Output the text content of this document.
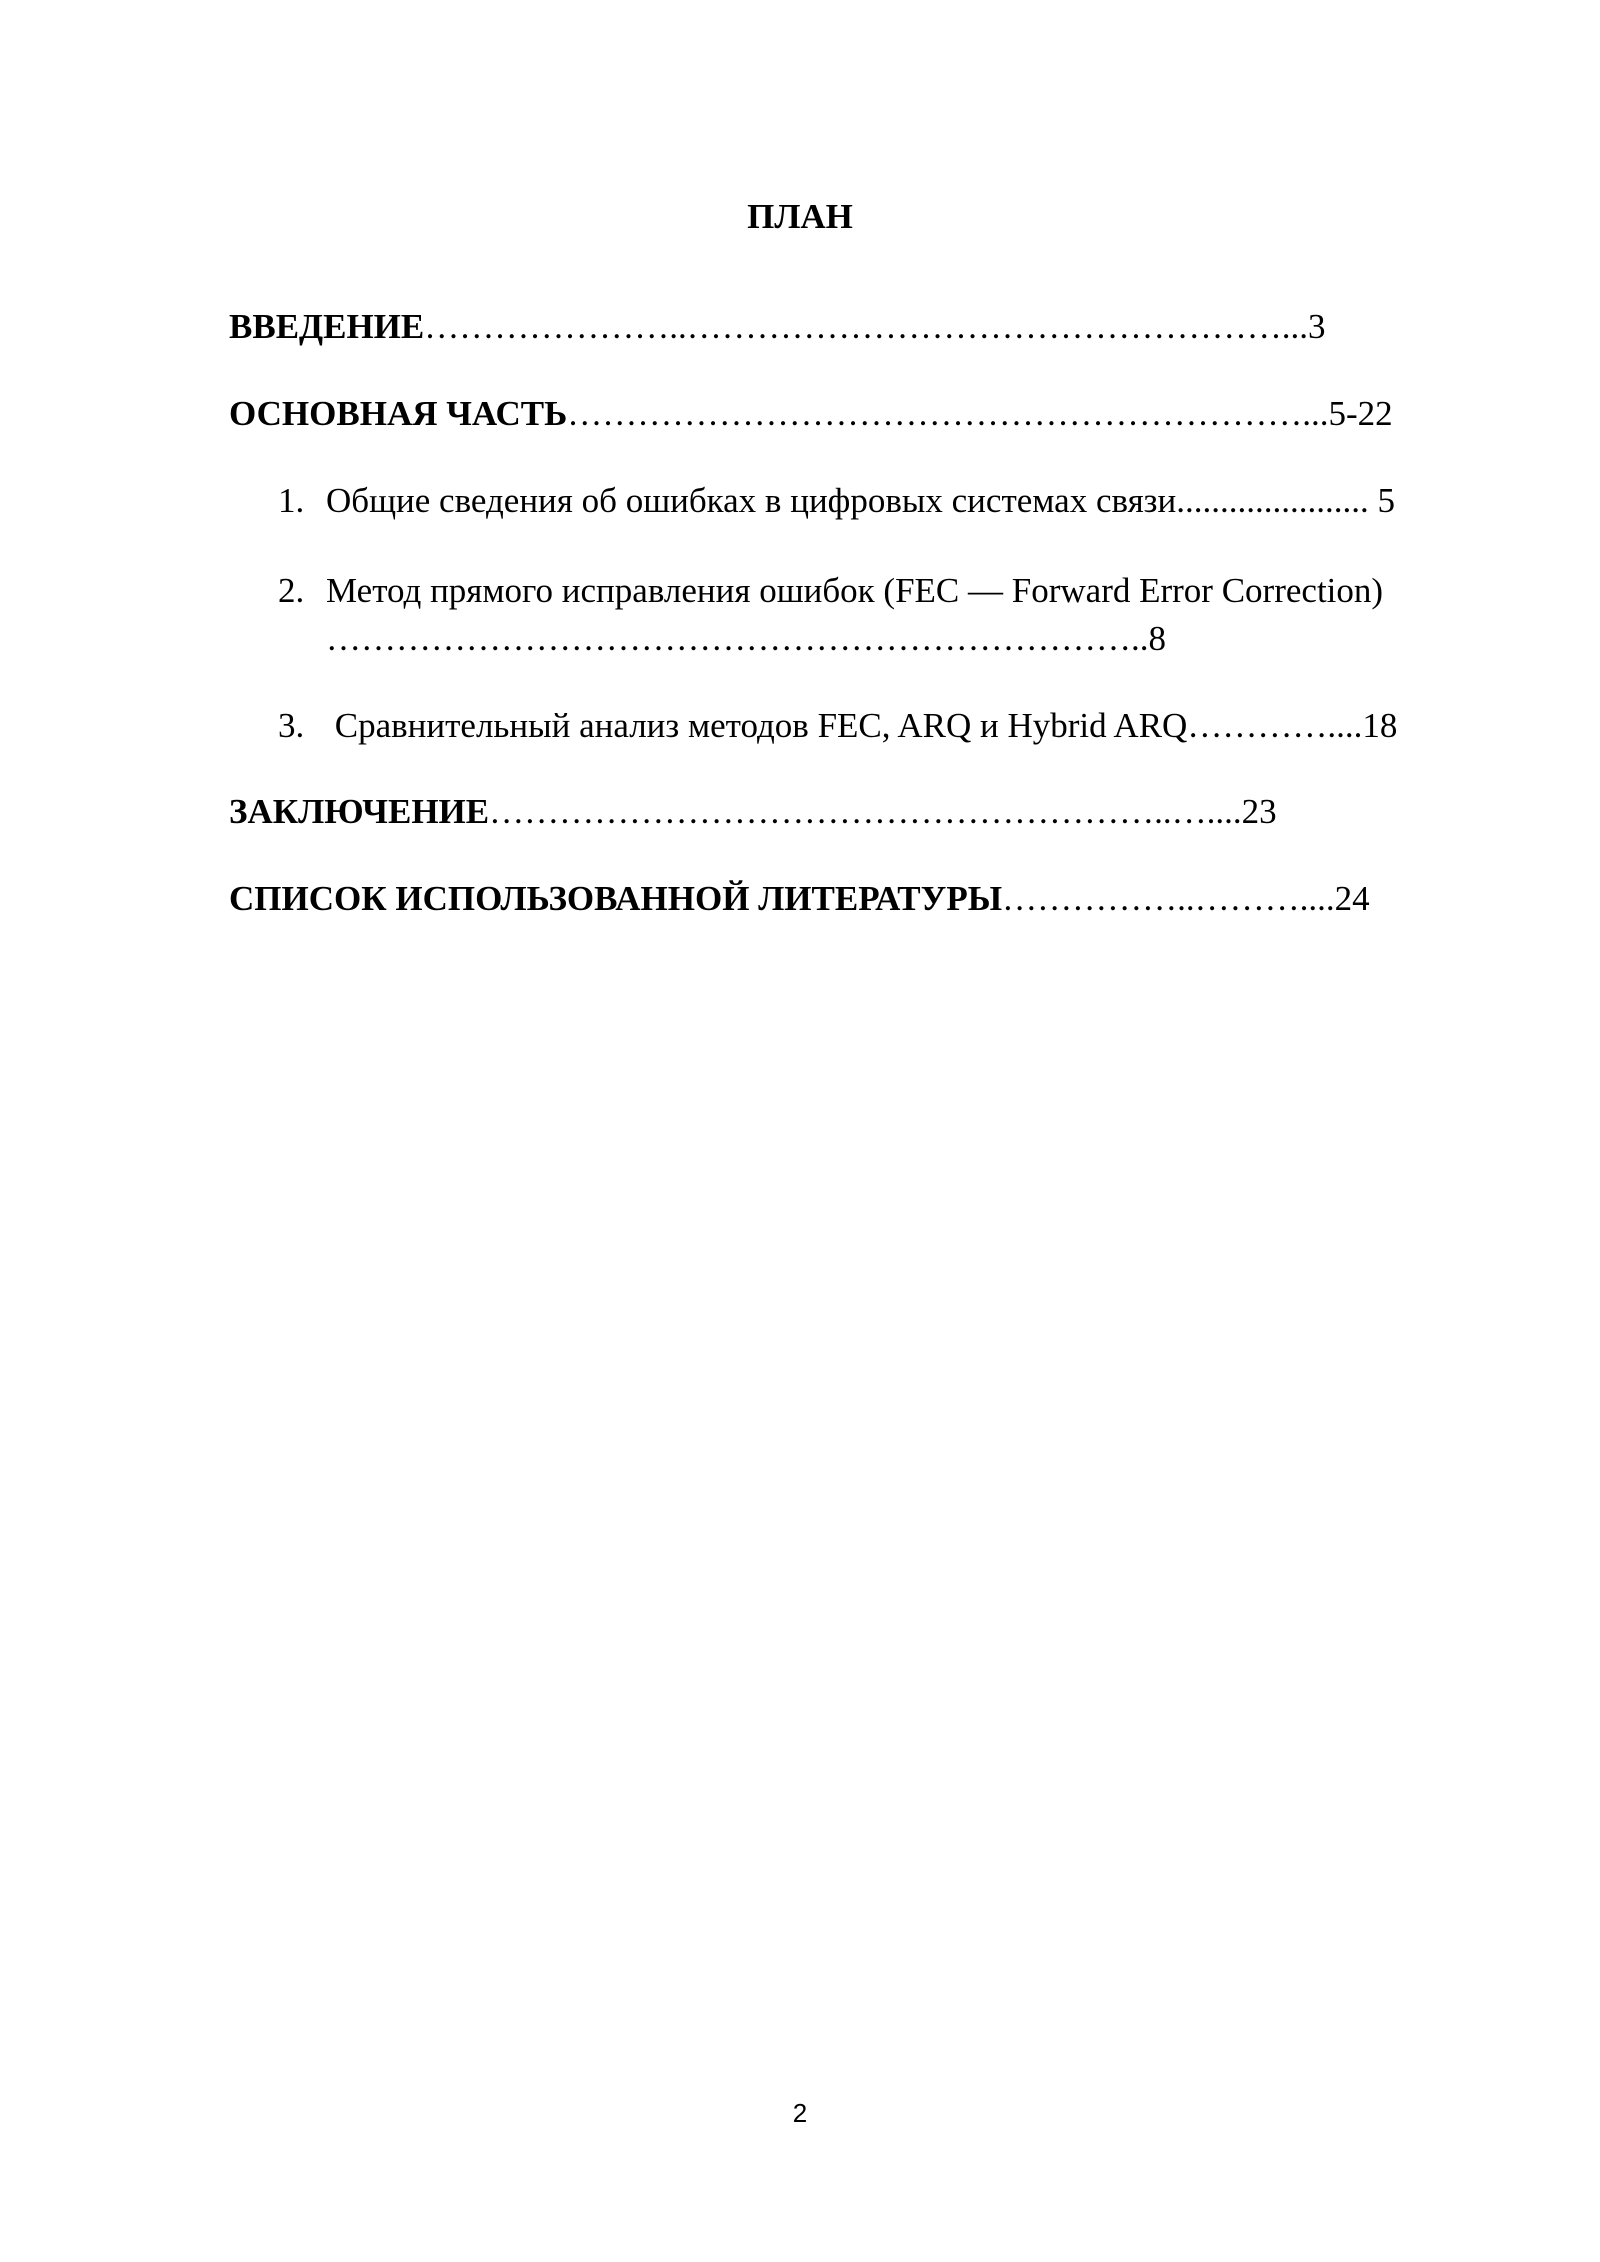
ПЛАН
ВВЕДЕНИЕ…………………..……………………………………………...3
ОСНОВНАЯ ЧАСТЬ………………………………………………………...5-22
1. Общие сведения об ошибках в цифровых системах связи...................... 5
2. Метод прямого исправления ошибок (FEC — Forward Error Correction)
……………………………………………………………..8
3. Сравнительный анализ методов FEC, ARQ и Hybrid ARQ…………....18
ЗАКЛЮЧЕНИЕ…………………………………………………..…....23
СПИСОК ИСПОЛЬЗОВАННОЙ ЛИТЕРАТУРЫ……………..………....24
2
